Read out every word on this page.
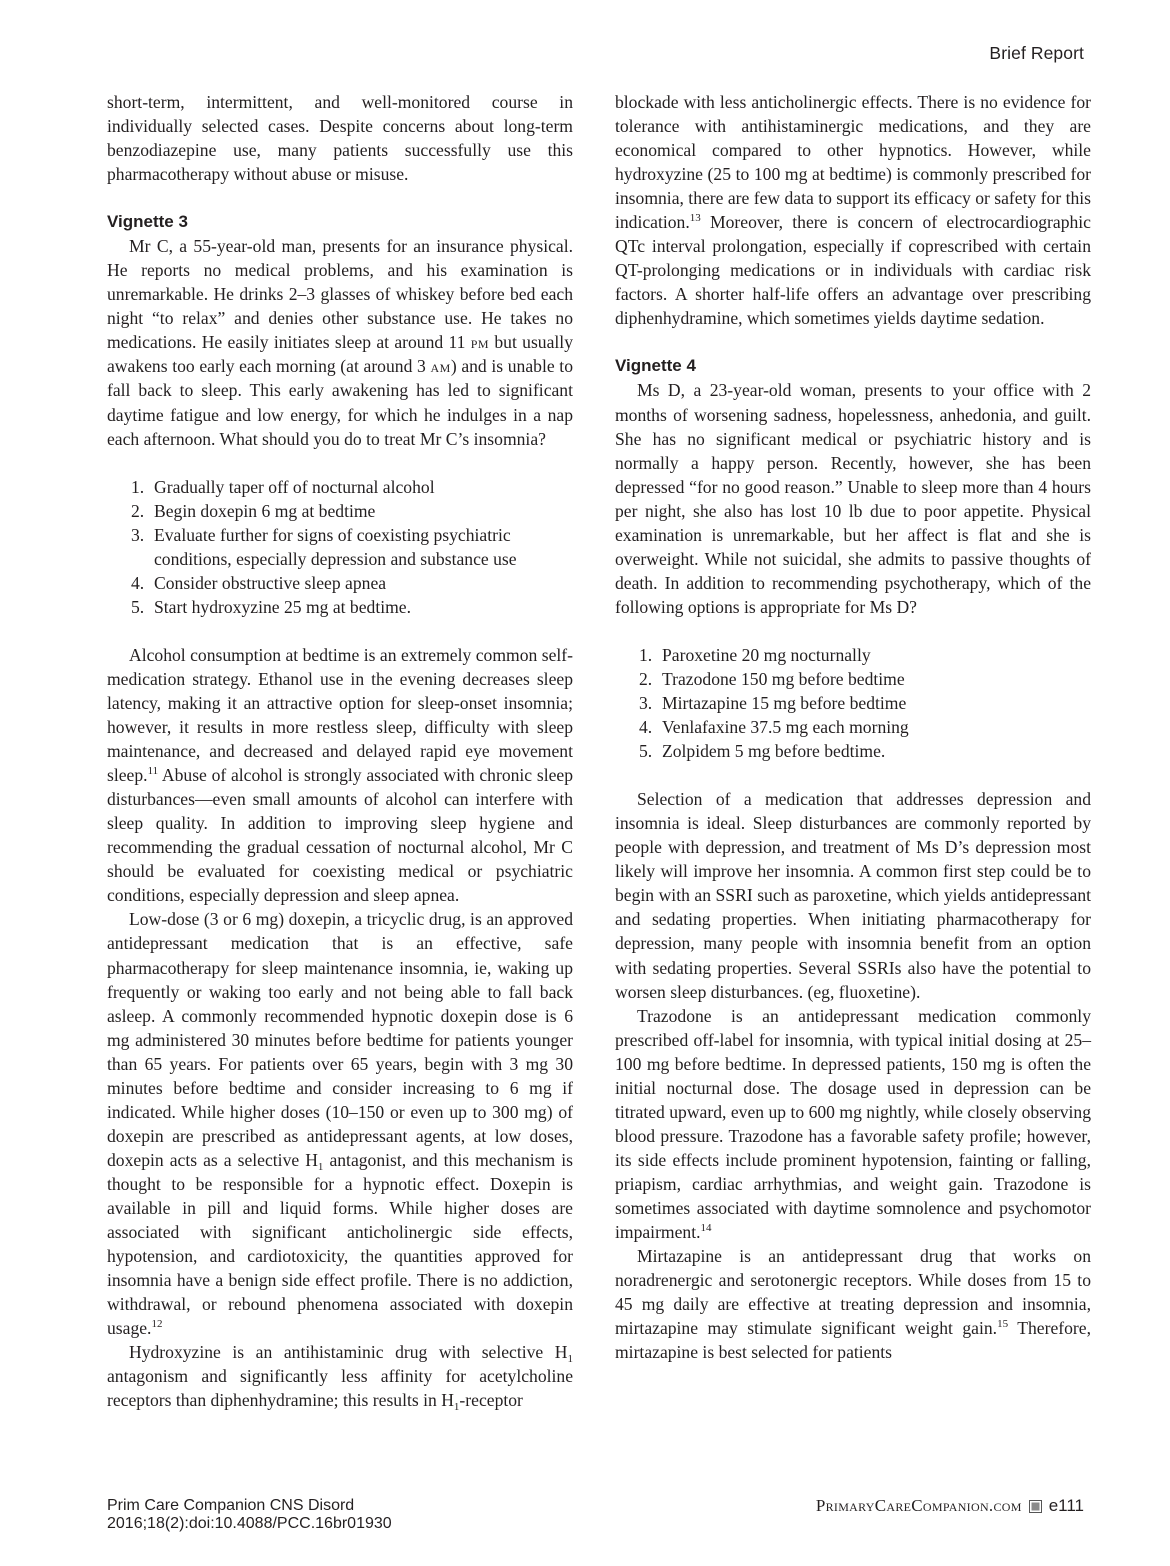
Brief Report

short-term, intermittent, and well-monitored course in individually selected cases. Despite concerns about long-term benzodiazepine use, many patients successfully use this pharmacotherapy without abuse or misuse.

Vignette 3

Mr C, a 55-year-old man, presents for an insurance physical. He reports no medical problems, and his examination is unremarkable. He drinks 2–3 glasses of whiskey before bed each night “to relax” and denies other substance use. He takes no medications. He easily initiates sleep at around 11 pm but usually awakens too early each morning (at around 3 am) and is unable to fall back to sleep. This early awakening has led to significant daytime fatigue and low energy, for which he indulges in a nap each afternoon. What should you do to treat Mr C’s insomnia?

1. Gradually taper off of nocturnal alcohol
2. Begin doxepin 6 mg at bedtime
3. Evaluate further for signs of coexisting psychiatric conditions, especially depression and substance use
4. Consider obstructive sleep apnea
5. Start hydroxyzine 25 mg at bedtime.

Alcohol consumption at bedtime is an extremely common self-medication strategy. Ethanol use in the evening decreases sleep latency, making it an attractive option for sleep-onset insomnia; however, it results in more restless sleep, difficulty with sleep maintenance, and decreased and delayed rapid eye movement sleep.$^{11}$ Abuse of alcohol is strongly associated with chronic sleep disturbances—even small amounts of alcohol can interfere with sleep quality. In addition to improving sleep hygiene and recommending the gradual cessation of nocturnal alcohol, Mr C should be evaluated for coexisting medical or psychiatric conditions, especially depression and sleep apnea.

Low-dose (3 or 6 mg) doxepin, a tricyclic drug, is an approved antidepressant medication that is an effective, safe pharmacotherapy for sleep maintenance insomnia, ie, waking up frequently or waking too early and not being able to fall back asleep. A commonly recommended hypnotic doxepin dose is 6 mg administered 30 minutes before bedtime for patients younger than 65 years. For patients over 65 years, begin with 3 mg 30 minutes before bedtime and consider increasing to 6 mg if indicated. While higher doses (10–150 or even up to 300 mg) of doxepin are prescribed as antidepressant agents, at low doses, doxepin acts as a selective $H_1$ antagonist, and this mechanism is thought to be responsible for a hypnotic effect. Doxepin is available in pill and liquid forms. While higher doses are associated with significant anticholinergic side effects, hypotension, and cardiotoxicity, the quantities approved for insomnia have a benign side effect profile. There is no addiction, withdrawal, or rebound phenomena associated with doxepin usage.$^{12}$

Hydroxyzine is an antihistaminic drug with selective $H_1$ antagonism and significantly less affinity for acetylcholine receptors than diphenhydramine; this results in $H_1$-receptor

blockade with less anticholinergic effects. There is no evidence for tolerance with antihistaminergic medications, and they are economical compared to other hypnotics. However, while hydroxyzine (25 to 100 mg at bedtime) is commonly prescribed for insomnia, there are few data to support its efficacy or safety for this indication.$^{13}$ Moreover, there is concern of electrocardiographic QTc interval prolongation, especially if coprescribed with certain QT-prolonging medications or in individuals with cardiac risk factors. A shorter half-life offers an advantage over prescribing diphenhydramine, which sometimes yields daytime sedation.

Vignette 4

Ms D, a 23-year-old woman, presents to your office with 2 months of worsening sadness, hopelessness, anhedonia, and guilt. She has no significant medical or psychiatric history and is normally a happy person. Recently, however, she has been depressed “for no good reason.” Unable to sleep more than 4 hours per night, she also has lost 10 lb due to poor appetite. Physical examination is unremarkable, but her affect is flat and she is overweight. While not suicidal, she admits to passive thoughts of death. In addition to recommending psychotherapy, which of the following options is appropriate for Ms D?

1. Paroxetine 20 mg nocturnally
2. Trazodone 150 mg before bedtime
3. Mirtazapine 15 mg before bedtime
4. Venlafaxine 37.5 mg each morning
5. Zolpidem 5 mg before bedtime.

Selection of a medication that addresses depression and insomnia is ideal. Sleep disturbances are commonly reported by people with depression, and treatment of Ms D’s depression most likely will improve her insomnia. A common first step could be to begin with an SSRI such as paroxetine, which yields antidepressant and sedating properties. When initiating pharmacotherapy for depression, many people with insomnia benefit from an option with sedating properties. Several SSRIs also have the potential to worsen sleep disturbances. (eg, fluoxetine).

Trazodone is an antidepressant medication commonly prescribed off-label for insomnia, with typical initial dosing at 25–100 mg before bedtime. In depressed patients, 150 mg is often the initial nocturnal dose. The dosage used in depression can be titrated upward, even up to 600 mg nightly, while closely observing blood pressure. Trazodone has a favorable safety profile; however, its side effects include prominent hypotension, fainting or falling, priapism, cardiac arrhythmias, and weight gain. Trazodone is sometimes associated with daytime somnolence and psychomotor impairment.$^{14}$

Mirtazapine is an antidepressant drug that works on noradrenergic and serotonergic receptors. While doses from 15 to 45 mg daily are effective at treating depression and insomnia, mirtazapine may stimulate significant weight gain.$^{15}$ Therefore, mirtazapine is best selected for patients

Prim Care Companion CNS Disord
2016;18(2):doi:10.4088/PCC.16br01930
PrimaryCareCompanion.com e111
